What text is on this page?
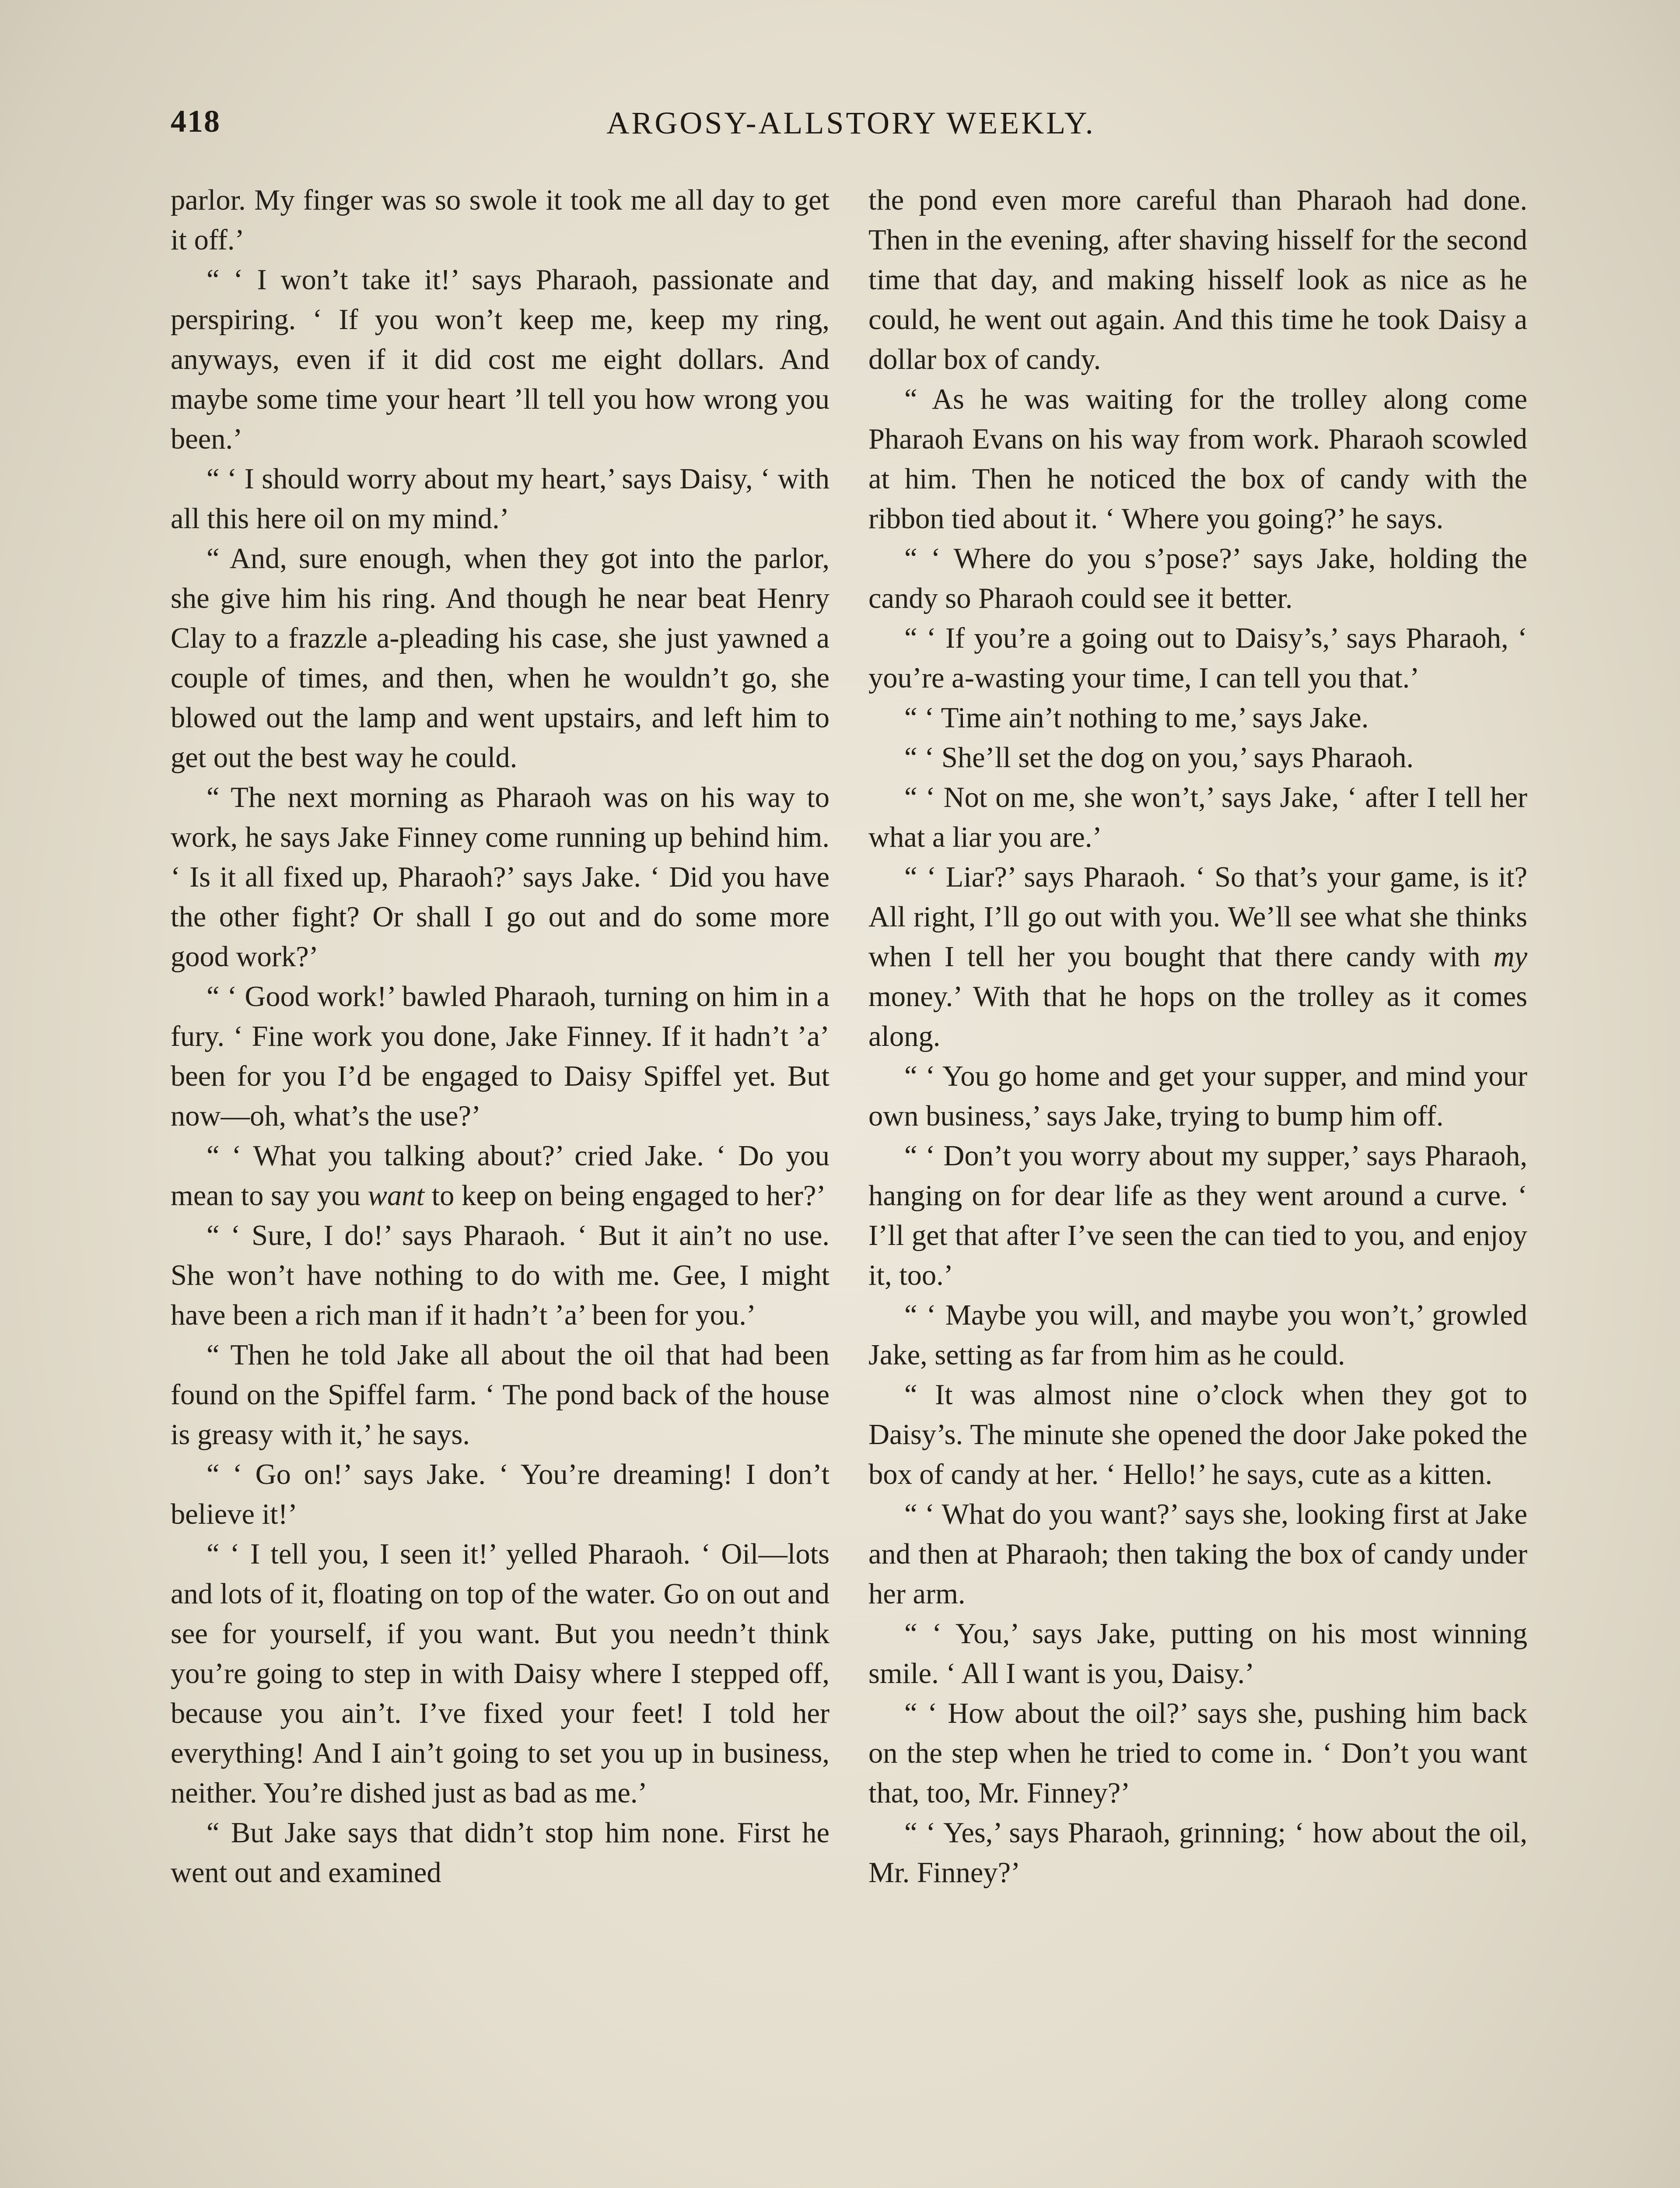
418	ARGOSY-ALLSTORY WEEKLY.

parlor. My finger was so swole it took me all day to get it off.’

“ ‘ I won’t take it!’ says Pharaoh, passionate and perspiring. ‘ If you won’t keep me, keep my ring, anyways, even if it did cost me eight dollars. And maybe some time your heart ’ll tell you how wrong you been.’

“ ‘ I should worry about my heart,’ says Daisy, ‘ with all this here oil on my mind.’

“ And, sure enough, when they got into the parlor, she give him his ring. And though he near beat Henry Clay to a frazzle a-pleading his case, she just yawned a couple of times, and then, when he wouldn’t go, she blowed out the lamp and went upstairs, and left him to get out the best way he could.

“ The next morning as Pharaoh was on his way to work, he says Jake Finney come running up behind him. ‘ Is it all fixed up, Pharaoh?’ says Jake. ‘ Did you have the other fight? Or shall I go out and do some more good work?’

“ ‘ Good work!’ bawled Pharaoh, turning on him in a fury. ‘ Fine work you done, Jake Finney. If it hadn’t ’a’ been for you I’d be engaged to Daisy Spiffel yet. But now—oh, what’s the use?’

“ ‘ What you talking about?’ cried Jake. ‘ Do you mean to say you want to keep on being engaged to her?’

“ ‘ Sure, I do!’ says Pharaoh. ‘ But it ain’t no use. She won’t have nothing to do with me. Gee, I might have been a rich man if it hadn’t ’a’ been for you.’

“ Then he told Jake all about the oil that had been found on the Spiffel farm. ‘ The pond back of the house is greasy with it,’ he says.

“ ‘ Go on!’ says Jake. ‘ You’re dreaming! I don’t believe it!’

“ ‘ I tell you, I seen it!’ yelled Pharaoh. ‘ Oil—lots and lots of it, floating on top of the water. Go on out and see for yourself, if you want. But you needn’t think you’re going to step in with Daisy where I stepped off, because you ain’t. I’ve fixed your feet! I told her everything! And I ain’t going to set you up in business, neither. You’re dished just as bad as me.’

“ But Jake says that didn’t stop him none. First he went out and examined

the pond even more careful than Pharaoh had done. Then in the evening, after shaving hisself for the second time that day, and making hisself look as nice as he could, he went out again. And this time he took Daisy a dollar box of candy.

“ As he was waiting for the trolley along come Pharaoh Evans on his way from work. Pharaoh scowled at him. Then he noticed the box of candy with the ribbon tied about it. ‘ Where you going?’ he says.

“ ‘ Where do you s’pose?’ says Jake, holding the candy so Pharaoh could see it better.

“ ‘ If you’re a going out to Daisy’s,’ says Pharaoh, ‘ you’re a-wasting your time, I can tell you that.’

“ ‘ Time ain’t nothing to me,’ says Jake.

“ ‘ She’ll set the dog on you,’ says Pharaoh.

“ ‘ Not on me, she won’t,’ says Jake, ‘ after I tell her what a liar you are.’

“ ‘ Liar?’ says Pharaoh. ‘ So that’s your game, is it? All right, I’ll go out with you. We’ll see what she thinks when I tell her you bought that there candy with my money.’ With that he hops on the trolley as it comes along.

“ ‘ You go home and get your supper, and mind your own business,’ says Jake, trying to bump him off.

“ ‘ Don’t you worry about my supper,’ says Pharaoh, hanging on for dear life as they went around a curve. ‘ I’ll get that after I’ve seen the can tied to you, and enjoy it, too.’

“ ‘ Maybe you will, and maybe you won’t,’ growled Jake, setting as far from him as he could.

“ It was almost nine o’clock when they got to Daisy’s. The minute she opened the door Jake poked the box of candy at her. ‘ Hello!’ he says, cute as a kitten.

“ ‘ What do you want?’ says she, looking first at Jake and then at Pharaoh; then taking the box of candy under her arm.

“ ‘ You,’ says Jake, putting on his most winning smile. ‘ All I want is you, Daisy.’

“ ‘ How about the oil?’ says she, pushing him back on the step when he tried to come in. ‘ Don’t you want that, too, Mr. Finney?’

“ ‘ Yes,’ says Pharaoh, grinning; ‘ how about the oil, Mr. Finney?’
